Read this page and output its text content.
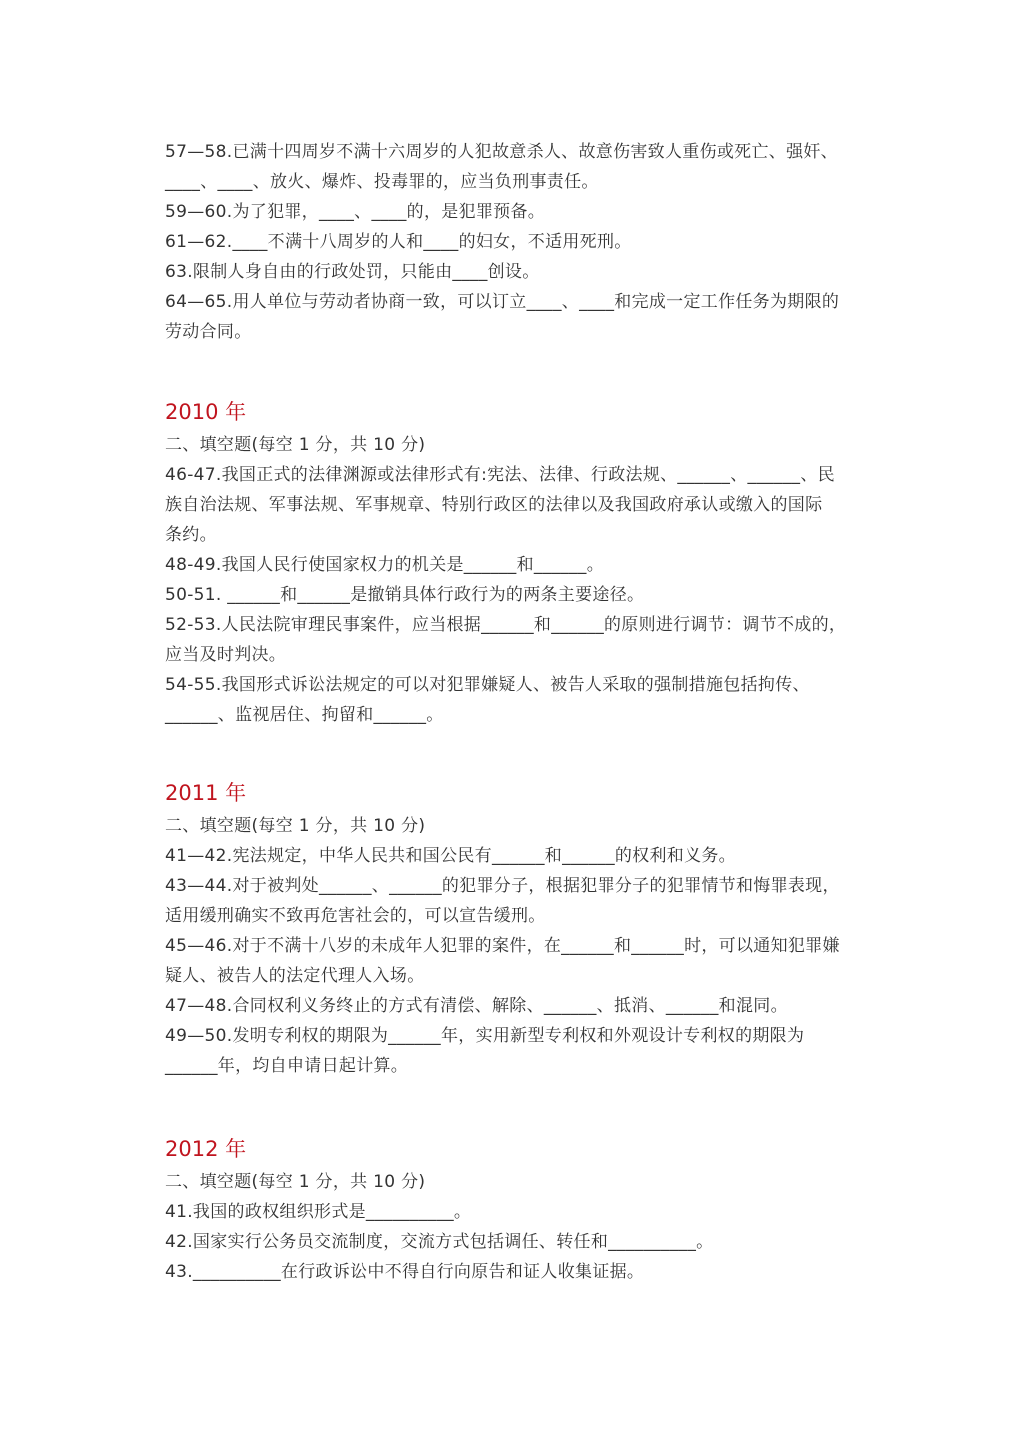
57—58.已满十四周岁不满十六周岁的人犯故意杀人、故意伤害致人重伤或死亡、强奸、
____、____、放火、爆炸、投毒罪的，应当负刑事责任。
59—60.为了犯罪，____、____的，是犯罪预备。
61—62.____不满十八周岁的人和____的妇女，不适用死刑。
63.限制人身自由的行政处罚，只能由____创设。
64—65.用人单位与劳动者协商一致，可以订立____、____和完成一定工作任务为期限的
劳动合同。
2010 年
二、填空题(每空 1 分，共 10 分)
46-47.我国正式的法律渊源或法律形式有:宪法、法律、行政法规、______、______、民
族自治法规、军事法规、军事规章、特别行政区的法律以及我国政府承认或缴入的国际
条约。
48-49.我国人民行使国家权力的机关是______和______。
50-51. ______和______是撤销具体行政行为的两条主要途径。
52-53.人民法院审理民事案件，应当根据______和______的原则进行调节：调节不成的，
应当及时判决。
54-55.我国形式诉讼法规定的可以对犯罪嫌疑人、被告人采取的强制措施包括拘传、
______、监视居住、拘留和______。
2011 年
二、填空题(每空 1 分，共 10 分)
41—42.宪法规定，中华人民共和国公民有______和______的权利和义务。
43—44.对于被判处______、______的犯罪分子，根据犯罪分子的犯罪情节和悔罪表现，
适用缓刑确实不致再危害社会的，可以宣告缓刑。
45—46.对于不满十八岁的未成年人犯罪的案件，在______和______时，可以通知犯罪嫌
疑人、被告人的法定代理人入场。
47—48.合同权利义务终止的方式有清偿、解除、______、抵消、______和混同。
49—50.发明专利权的期限为______年，实用新型专利权和外观设计专利权的期限为
______年，均自申请日起计算。
2012 年
二、填空题(每空 1 分，共 10 分)
41.我国的政权组织形式是__________。
42.国家实行公务员交流制度，交流方式包括调任、转任和__________。
43.__________在行政诉讼中不得自行向原告和证人收集证据。
